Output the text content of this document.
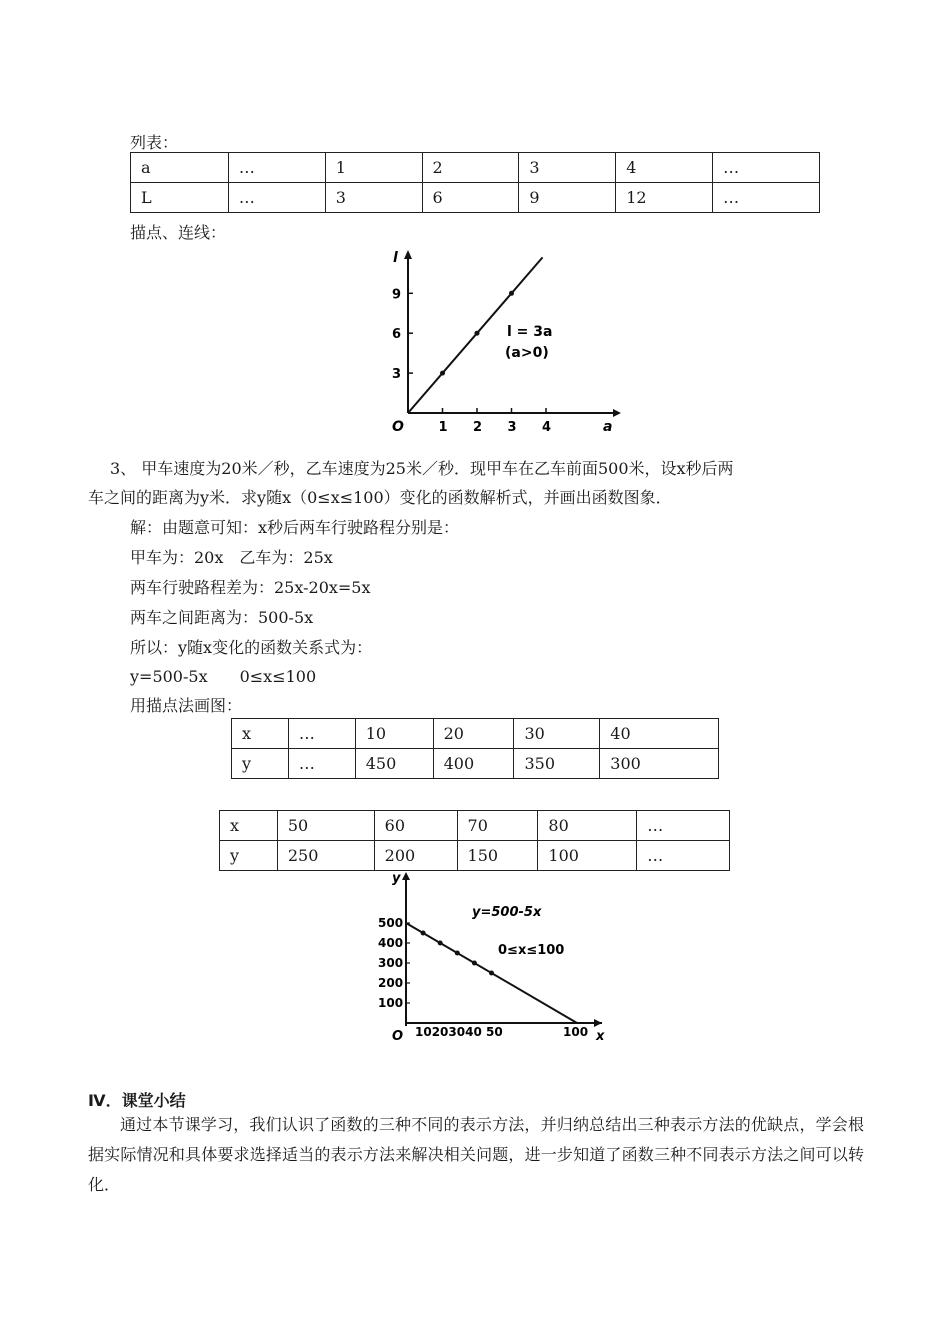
列表：
a	…	1	2	3	4	…
L	…	3	6	9	12	…
描点、连线：
l
a
O	1 2 3 4
3
6
9
l = 3a
(a>0)
3、 甲车速度为20米／秒，乙车速度为25米／秒．现甲车在乙车前面500米，设x秒后两
车之间的距离为y米．求y随x（0≤x≤100）变化的函数解析式，并画出函数图象．
解：由题意可知：x秒后两车行驶路程分别是：
甲车为：20x　乙车为：25x
两车行驶路程差为：25x-20x=5x
两车之间距离为：500-5x
所以：y随x变化的函数关系式为：
y=500-5x　　0≤x≤100
用描点法画图：
x	…	10	20	30	40
y	…	450	400	350	300
x	50	60	70	80	…
y	250	200	150	100	…
y
x
O
100
200
300
400
500
10203040 50	100
y=500-5x
0≤x≤100
Ⅳ．课堂小结
通过本节课学习，我们认识了函数的三种不同的表示方法，并归纳总结出三种表示方法的优缺点，学会根据实际情况和具体要求选择适当的表示方法来解决相关问题，进一步知道了函数三种不同表示方法之间可以转化．
